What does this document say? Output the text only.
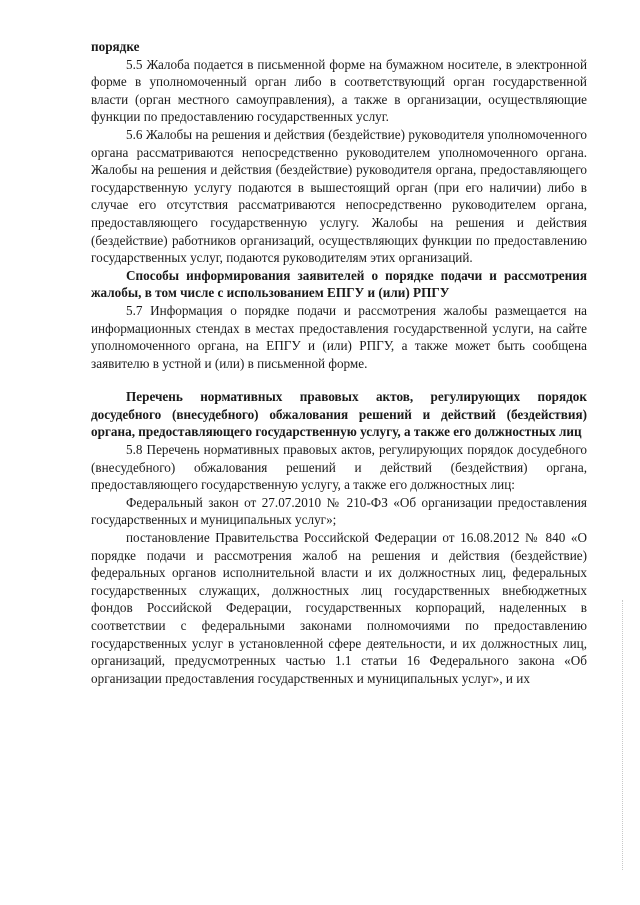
порядке

5.5 Жалоба подается в письменной форме на бумажном носителе, в электронной форме в уполномоченный орган либо в соответствующий орган государственной власти (орган местного самоуправления), а также в организации, осуществляющие функции по предоставлению государственных услуг.

5.6 Жалобы на решения и действия (бездействие) руководителя уполномоченного органа рассматриваются непосредственно руководителем уполномоченного органа. Жалобы на решения и действия (бездействие) руководителя органа, предоставляющего государственную услугу подаются в вышестоящий орган (при его наличии) либо в случае его отсутствия рассматриваются непосредственно руководителем органа, предоставляющего государственную услугу. Жалобы на решения и действия (бездействие) работников организаций, осуществляющих функции по предоставлению государственных услуг, подаются руководителям этих организаций.

Способы информирования заявителей о порядке подачи и рассмотрения жалобы, в том числе с использованием ЕПГУ и (или) РПГУ

5.7 Информация о порядке подачи и рассмотрения жалобы размещается на информационных стендах в местах предоставления государственной услуги, на сайте уполномоченного органа, на ЕПГУ и (или) РПГУ, а также может быть сообщена заявителю в устной и (или) в письменной форме.

Перечень нормативных правовых актов, регулирующих порядок досудебного (внесудебного) обжалования решений и действий (бездействия) органа, предоставляющего государственную услугу, а также его должностных лиц

5.8 Перечень нормативных правовых актов, регулирующих порядок досудебного (внесудебного) обжалования решений и действий (бездействия) органа, предоставляющего государственную услугу, а также его должностных лиц:

Федеральный закон от 27.07.2010 № 210-ФЗ «Об организации предоставления государственных и муниципальных услуг»;

постановление Правительства Российской Федерации от 16.08.2012 № 840 «О порядке подачи и рассмотрения жалоб на решения и действия (бездействие) федеральных органов исполнительной власти и их должностных лиц, федеральных государственных служащих, должностных лиц государственных внебюджетных фондов Российской Федерации, государственных корпораций, наделенных в соответствии с федеральными законами полномочиями по предоставлению государственных услуг в установленной сфере деятельности, и их должностных лиц, организаций, предусмотренных частью 1.1 статьи 16 Федерального закона «Об организации предоставления государственных и муниципальных услуг», и их
